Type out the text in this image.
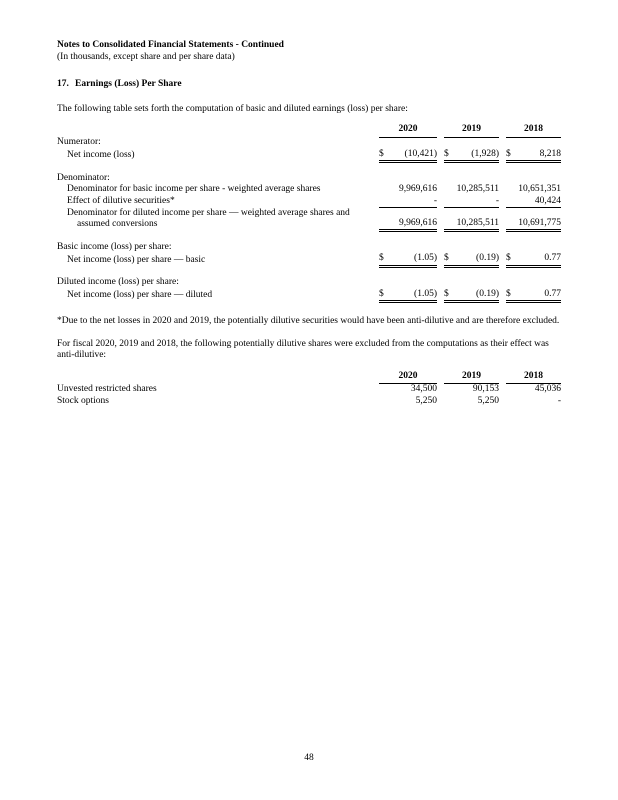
Notes to Consolidated Financial Statements - Continued
(In thousands, except share and per share data)
17. Earnings (Loss) Per Share
The following table sets forth the computation of basic and diluted earnings (loss) per share:
	2020		2019		2018
Numerator:					
Net income (loss)	$ (10,421)		$ (1,928)		$ 8,218

Denominator:					
Denominator for basic income per share - weighted average shares	9,969,616		10,285,511		10,651,351
Effect of dilutive securities*	-		-		40,424

Denominator for diluted income per share — weighted average shares and
assumed conversions	9,969,616		10,285,511		10,691,775

Basic income (loss) per share:					
Net income (loss) per share — basic	$ (1.05)		$ (0.19)		$ 0.77

Diluted income (loss) per share:					
Net income (loss) per share — diluted	$ (1.05)		$ (0.19)		$ 0.77
*Due to the net losses in 2020 and 2019, the potentially dilutive securities would have been anti-dilutive and are therefore excluded.
For fiscal 2020, 2019 and 2018, the following potentially dilutive shares were excluded from the computations as their effect was
anti-dilutive:
	2020		2019		2018
Unvested restricted shares	34,500		90,153		45,036
Stock options	5,250		5,250		-
48
